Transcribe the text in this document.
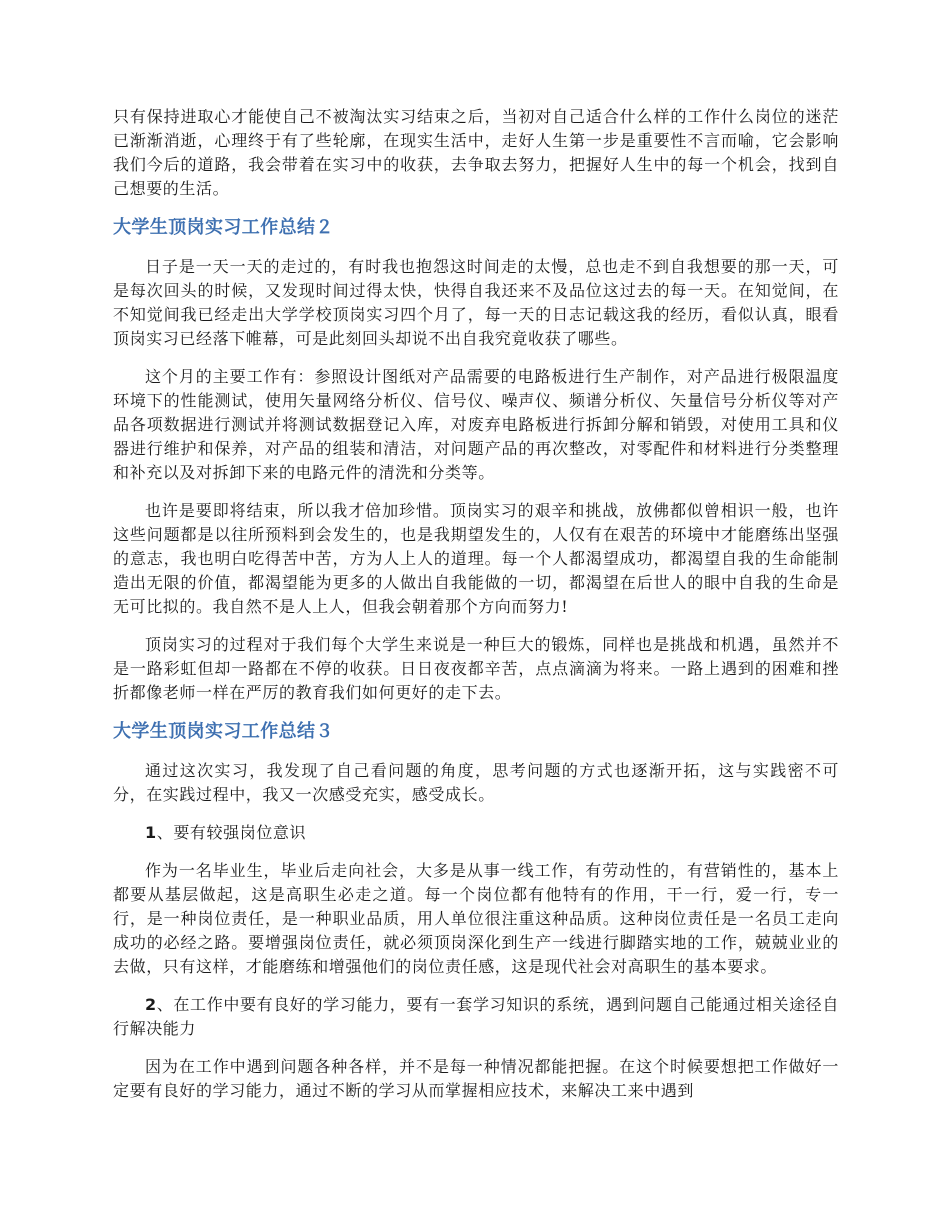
只有保持进取心才能使自己不被淘汰实习结束之后，当初对自己适合什么样的工作什么岗位的迷茫已渐渐消逝，心理终于有了些轮廓，在现实生活中，走好人生第一步是重要性不言而喻，它会影响我们今后的道路，我会带着在实习中的收获，去争取去努力，把握好人生中的每一个机会，找到自己想要的生活。

大学生顶岗实习工作总结２

日子是一天一天的走过的，有时我也抱怨这时间走的太慢，总也走不到自我想要的那一天，可是每次回头的时候，又发现时间过得太快，快得自我还来不及品位这过去的每一天。在知觉间，在不知觉间我已经走出大学学校顶岗实习四个月了，每一天的日志记载这我的经历，看似认真，眼看顶岗实习已经落下帷幕，可是此刻回头却说不出自我究竟收获了哪些。

这个月的主要工作有：参照设计图纸对产品需要的电路板进行生产制作，对产品进行极限温度环境下的性能测试，使用矢量网络分析仪、信号仪、噪声仪、频谱分析仪、矢量信号分析仪等对产品各项数据进行测试并将测试数据登记入库，对废弃电路板进行拆卸分解和销毁，对使用工具和仪器进行维护和保养，对产品的组装和清洁，对问题产品的再次整改，对零配件和材料进行分类整理和补充以及对拆卸下来的电路元件的清洗和分类等。

也许是要即将结束，所以我才倍加珍惜。顶岗实习的艰辛和挑战，放佛都似曾相识一般，也许这些问题都是以往所预料到会发生的，也是我期望发生的，人仅有在艰苦的环境中才能磨练出坚强的意志，我也明白吃得苦中苦，方为人上人的道理。每一个人都渴望成功，都渴望自我的生命能制造出无限的价值，都渴望能为更多的人做出自我能做的一切，都渴望在后世人的眼中自我的生命是无可比拟的。我自然不是人上人，但我会朝着那个方向而努力!

顶岗实习的过程对于我们每个大学生来说是一种巨大的锻炼，同样也是挑战和机遇，虽然并不是一路彩虹但却一路都在不停的收获。日日夜夜都辛苦，点点滴滴为将来。一路上遇到的困难和挫折都像老师一样在严厉的教育我们如何更好的走下去。

大学生顶岗实习工作总结３

通过这次实习，我发现了自己看问题的角度，思考问题的方式也逐渐开拓，这与实践密不可分，在实践过程中，我又一次感受充实，感受成长。

1、要有较强岗位意识

作为一名毕业生，毕业后走向社会，大多是从事一线工作，有劳动性的，有营销性的，基本上都要从基层做起，这是高职生必走之道。每一个岗位都有他特有的作用，干一行，爱一行，专一行，是一种岗位责任，是一种职业品质，用人单位很注重这种品质。这种岗位责任是一名员工走向成功的必经之路。要增强岗位责任，就必须顶岗深化到生产一线进行脚踏实地的工作，兢兢业业的去做，只有这样，才能磨练和增强他们的岗位责任感，这是现代社会对高职生的基本要求。

2、在工作中要有良好的学习能力，要有一套学习知识的系统，遇到问题自己能通过相关途径自行解决能力

因为在工作中遇到问题各种各样，并不是每一种情况都能把握。在这个时候要想把工作做好一定要有良好的学习能力，通过不断的学习从而掌握相应技术，来解决工来中遇到
